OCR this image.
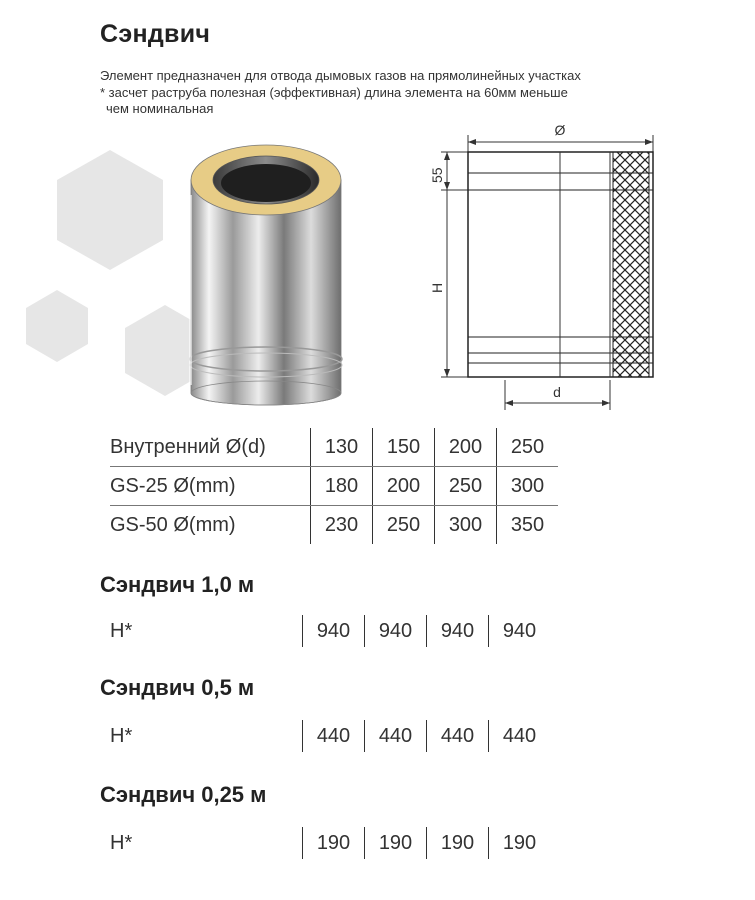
Сэндвич
Элемент предназначен для отвода дымовых газов на прямолинейных участках
* засчет раструба полезная (эффективная) длина элемента на 60мм меньше
чем номинальная
Ø
55
H
d
Внутренний Ø(d)	130	150	200	250
GS-25 Ø(mm)	180	200	250	300
GS-50 Ø(mm)	230	250	300	350
Сэндвич 1,0 м
H*	940	940	940	940
Сэндвич 0,5 м
H*	440	440	440	440
Сэндвич 0,25 м
H*	190	190	190	190
